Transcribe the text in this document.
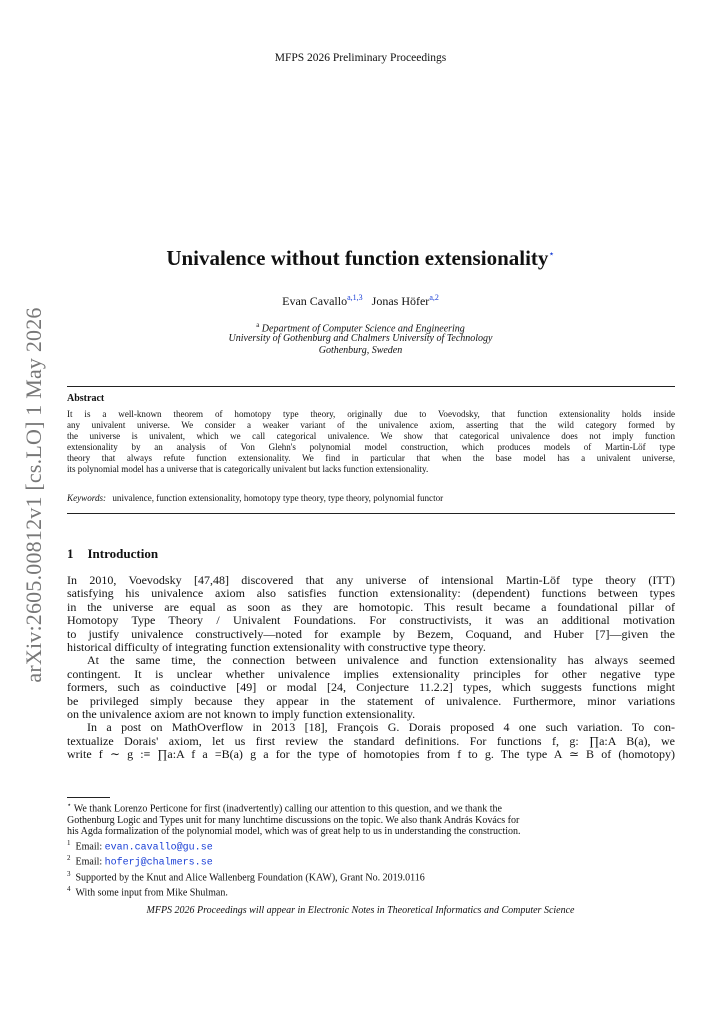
MFPS 2026 Preliminary Proceedings
Univalence without function extensionality⋆
Evan Cavallo$^{a,1,3}$ Jonas Höfer$^{a,2}$
$^a$ Department of Computer Science and Engineering
University of Gothenburg and Chalmers University of Technology
Gothenburg, Sweden
Abstract
It is a well-known theorem of homotopy type theory, originally due to Voevodsky, that function extensionality holds inside
any univalent universe. We consider a weaker variant of the univalence axiom, asserting that the wild category formed by
the universe is univalent, which we call categorical univalence. We show that categorical univalence does not imply function
extensionality by an analysis of Von Glehn's polynomial model construction, which produces models of Martin-Löf type
theory that always refute function extensionality. We find in particular that when the base model has a univalent universe,
its polynomial model has a universe that is categorically univalent but lacks function extensionality.
Keywords: univalence, function extensionality, homotopy type theory, type theory, polynomial functor
1 Introduction
In 2010, Voevodsky [47,48] discovered that any universe of intensional Martin-Löf type theory (ITT)
satisfying his univalence axiom also satisfies function extensionality: (dependent) functions between types
in the universe are equal as soon as they are homotopic. This result became a foundational pillar of
Homotopy Type Theory / Univalent Foundations. For constructivists, it was an additional motivation
to justify univalence constructively—noted for example by Bezem, Coquand, and Huber [7]—given the
historical difficulty of integrating function extensionality with constructive type theory.
At the same time, the connection between univalence and function extensionality has always seemed
contingent. It is unclear whether univalence implies extensionality principles for other negative type
formers, such as coinductive [49] or modal [24, Conjecture 11.2.2] types, which suggests functions might
be privileged simply because they appear in the statement of univalence. Furthermore, minor variations
on the univalence axiom are not known to imply function extensionality.
In a post on MathOverflow in 2013 [18], François G. Dorais proposed 4 one such variation. To con-
textualize Dorais' axiom, let us first review the standard definitions. For functions f, g: ∏a:A B(a), we
write f ∼ g :≡ ∏a:A f a =B(a) g a for the type of homotopies from f to g. The type A ≃ B of (homotopy)
⋆ We thank Lorenzo Perticone for first (inadvertently) calling our attention to this question, and we thank the
Gothenburg Logic and Types unit for many lunchtime discussions on the topic. We also thank András Kovács for
his Agda formalization of the polynomial model, which was of great help to us in understanding the construction.
$^1$ Email: evan.cavallo@gu.se
$^2$ Email: hoferj@chalmers.se
$^3$ Supported by the Knut and Alice Wallenberg Foundation (KAW), Grant No. 2019.0116
$^4$ With some input from Mike Shulman.
MFPS 2026 Proceedings will appear in Electronic Notes in Theoretical Informatics and Computer Science
arXiv:2605.00812v1 [cs.LO] 1 May 2026
